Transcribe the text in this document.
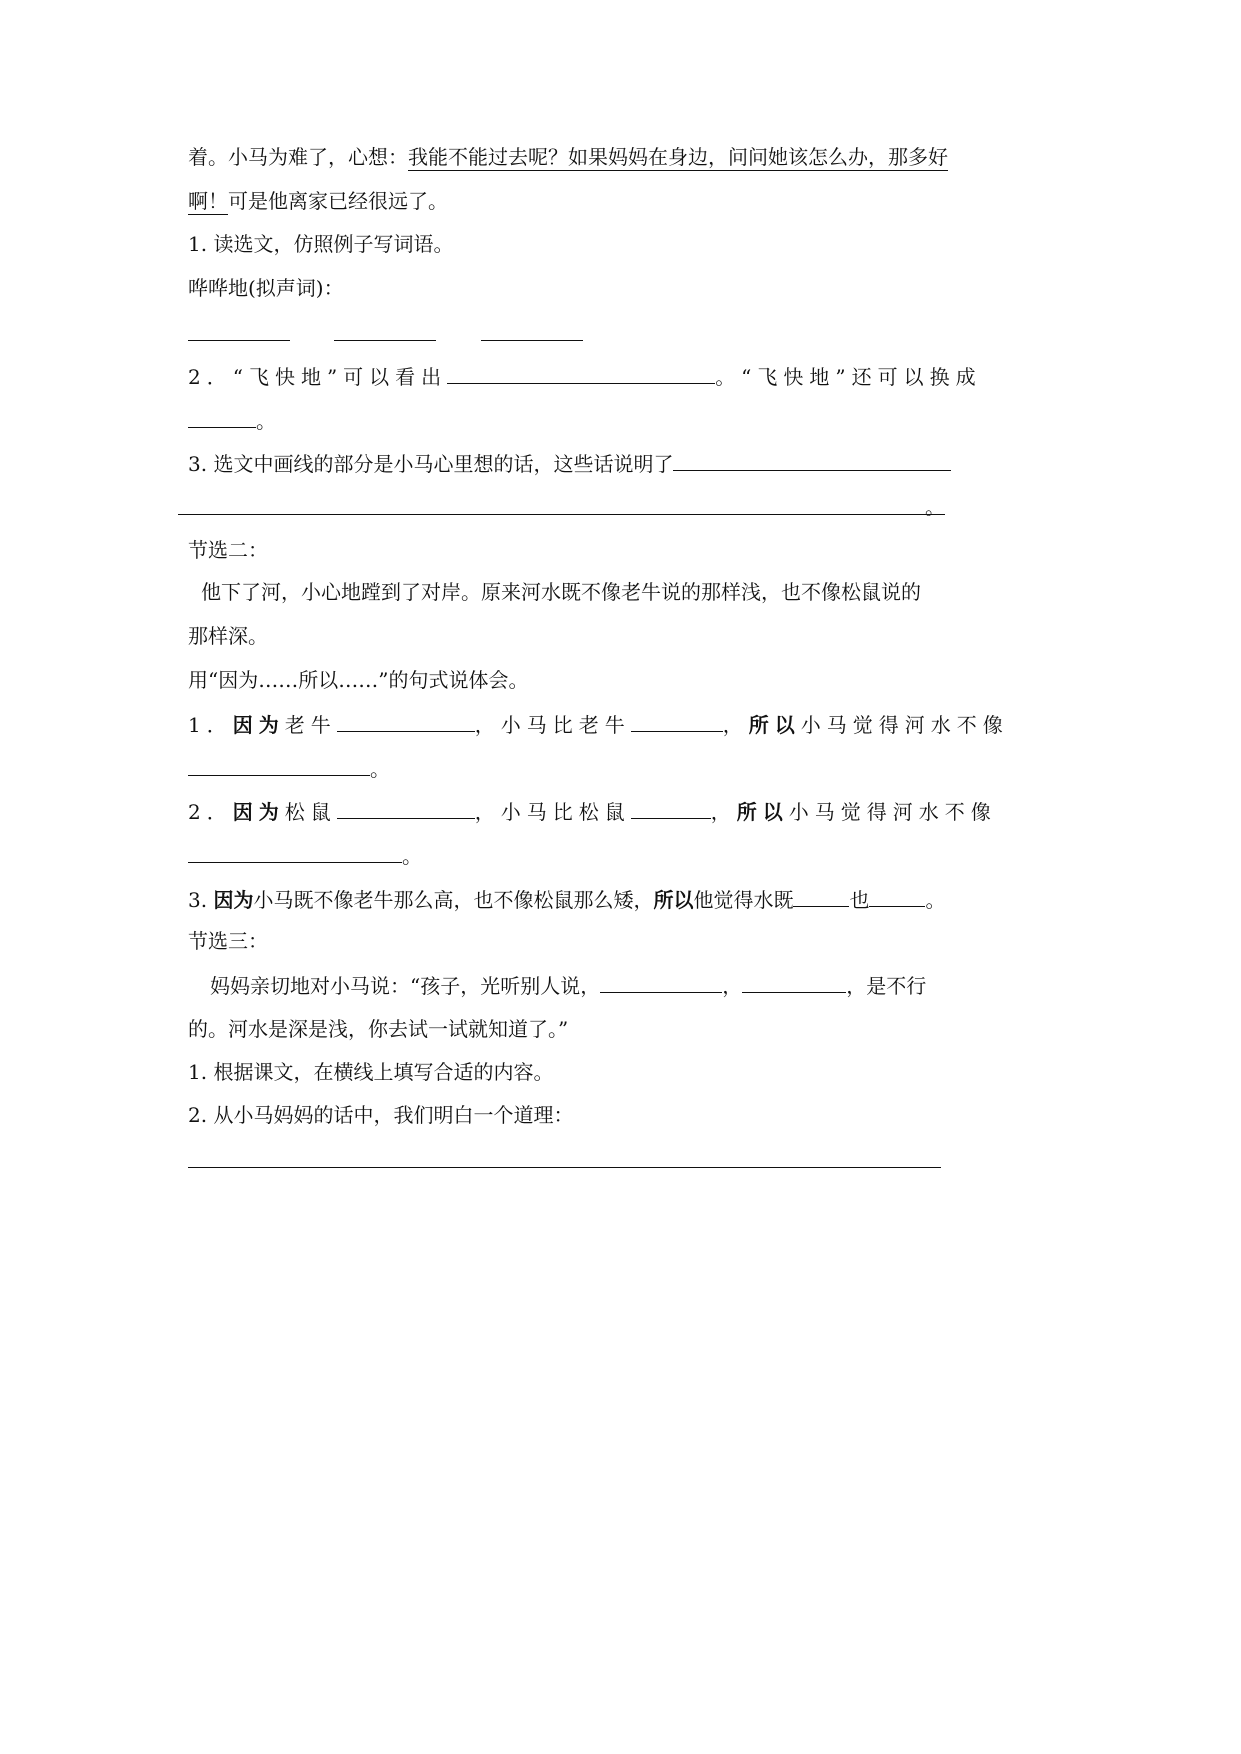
着。小马为难了，心想：我能不能过去呢？如果妈妈在身边，问问她该怎么办，那多好
啊！可是他离家已经很远了。
1. 读选文，仿照例子写词语。
哗哗地(拟声词)：

2．“飞快地”可以看出	。“飞快地”还可以换成
。
3. 选文中画线的部分是小马心里想的话，这些话说明了
。
节选二：
他下了河，小心地蹚到了对岸。原来河水既不像老牛说的那样浅，也不像松鼠说的
那样深。
用“因为……所以……”的句式说体会。
1．因为老牛	，小马比老牛	，所以小马觉得河水不像
。
2．因为松鼠	，小马比松鼠	，所以小马觉得河水不像
。
3. 因为小马既不像老牛那么高，也不像松鼠那么矮，所以他觉得水既	也	。
节选三：
妈妈亲切地对小马说：“孩子，光听别人说，	，	，是不行
的。河水是深是浅，你去试一试就知道了。”
1. 根据课文，在横线上填写合适的内容。
2. 从小马妈妈的话中，我们明白一个道理：
